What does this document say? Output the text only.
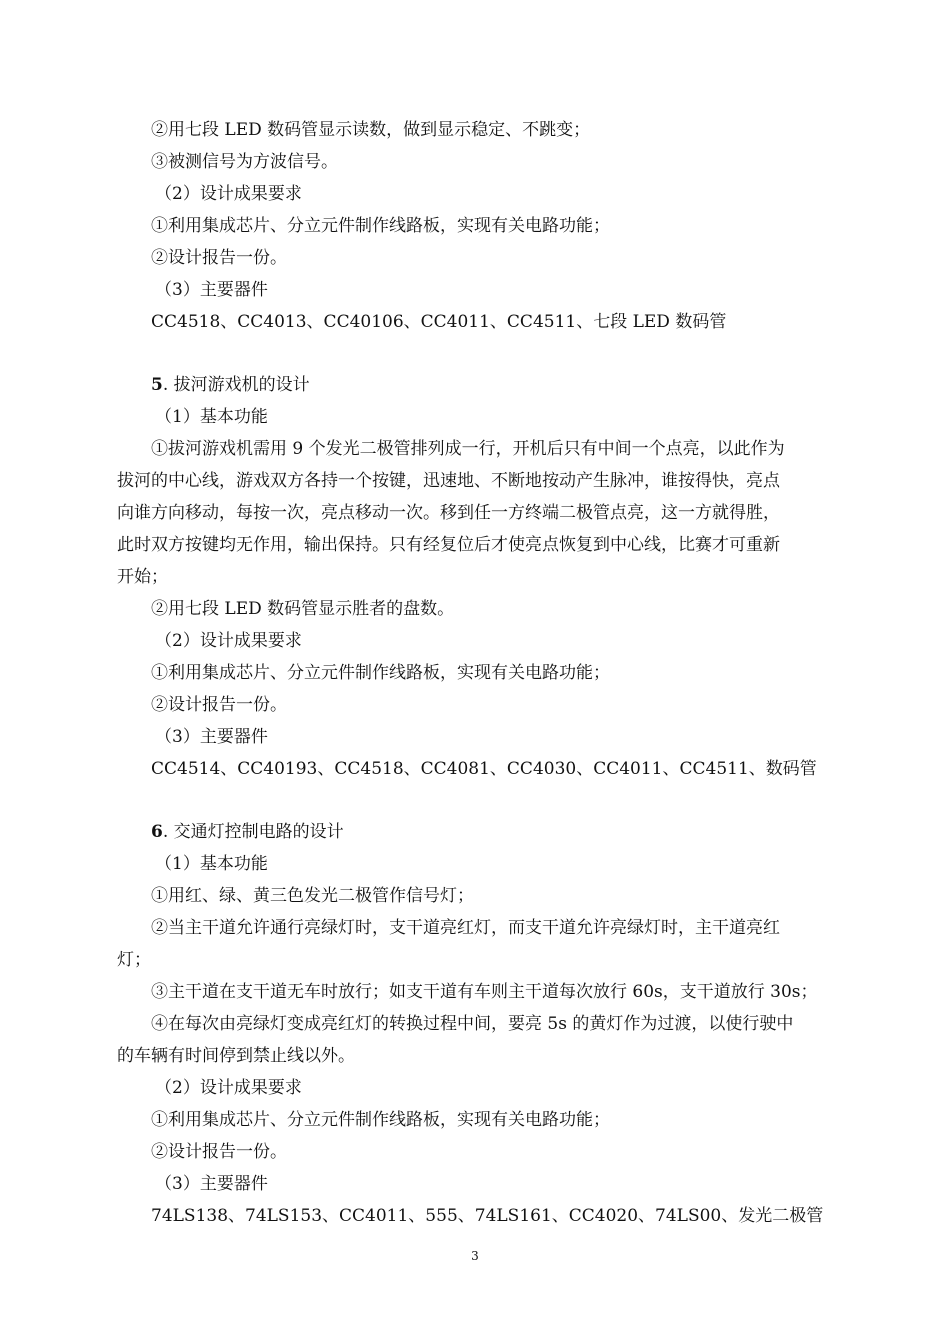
②用七段 LED 数码管显示读数，做到显示稳定、不跳变；
③被测信号为方波信号。
（2）设计成果要求
①利用集成芯片、分立元件制作线路板，实现有关电路功能；
②设计报告一份。
（3）主要器件
CC4518、CC4013、CC40106、CC4011、CC4511、七段 LED 数码管
5. 拔河游戏机的设计
（1）基本功能
①拔河游戏机需用 9 个发光二极管排列成一行，开机后只有中间一个点亮，以此作为
拔河的中心线，游戏双方各持一个按键，迅速地、不断地按动产生脉冲，谁按得快，亮点
向谁方向移动，每按一次，亮点移动一次。移到任一方终端二极管点亮，这一方就得胜，
此时双方按键均无作用，输出保持。只有经复位后才使亮点恢复到中心线，比赛才可重新
开始；
②用七段 LED 数码管显示胜者的盘数。
（2）设计成果要求
①利用集成芯片、分立元件制作线路板，实现有关电路功能；
②设计报告一份。
（3）主要器件
CC4514、CC40193、CC4518、CC4081、CC4030、CC4011、CC4511、数码管
6. 交通灯控制电路的设计
（1）基本功能
①用红、绿、黄三色发光二极管作信号灯；
②当主干道允许通行亮绿灯时，支干道亮红灯，而支干道允许亮绿灯时，主干道亮红
灯；
③主干道在支干道无车时放行；如支干道有车则主干道每次放行 60s，支干道放行 30s；
④在每次由亮绿灯变成亮红灯的转换过程中间，要亮 5s 的黄灯作为过渡，以使行驶中
的车辆有时间停到禁止线以外。
（2）设计成果要求
①利用集成芯片、分立元件制作线路板，实现有关电路功能；
②设计报告一份。
（3）主要器件
74LS138、74LS153、CC4011、555、74LS161、CC4020、74LS00、发光二极管
3
